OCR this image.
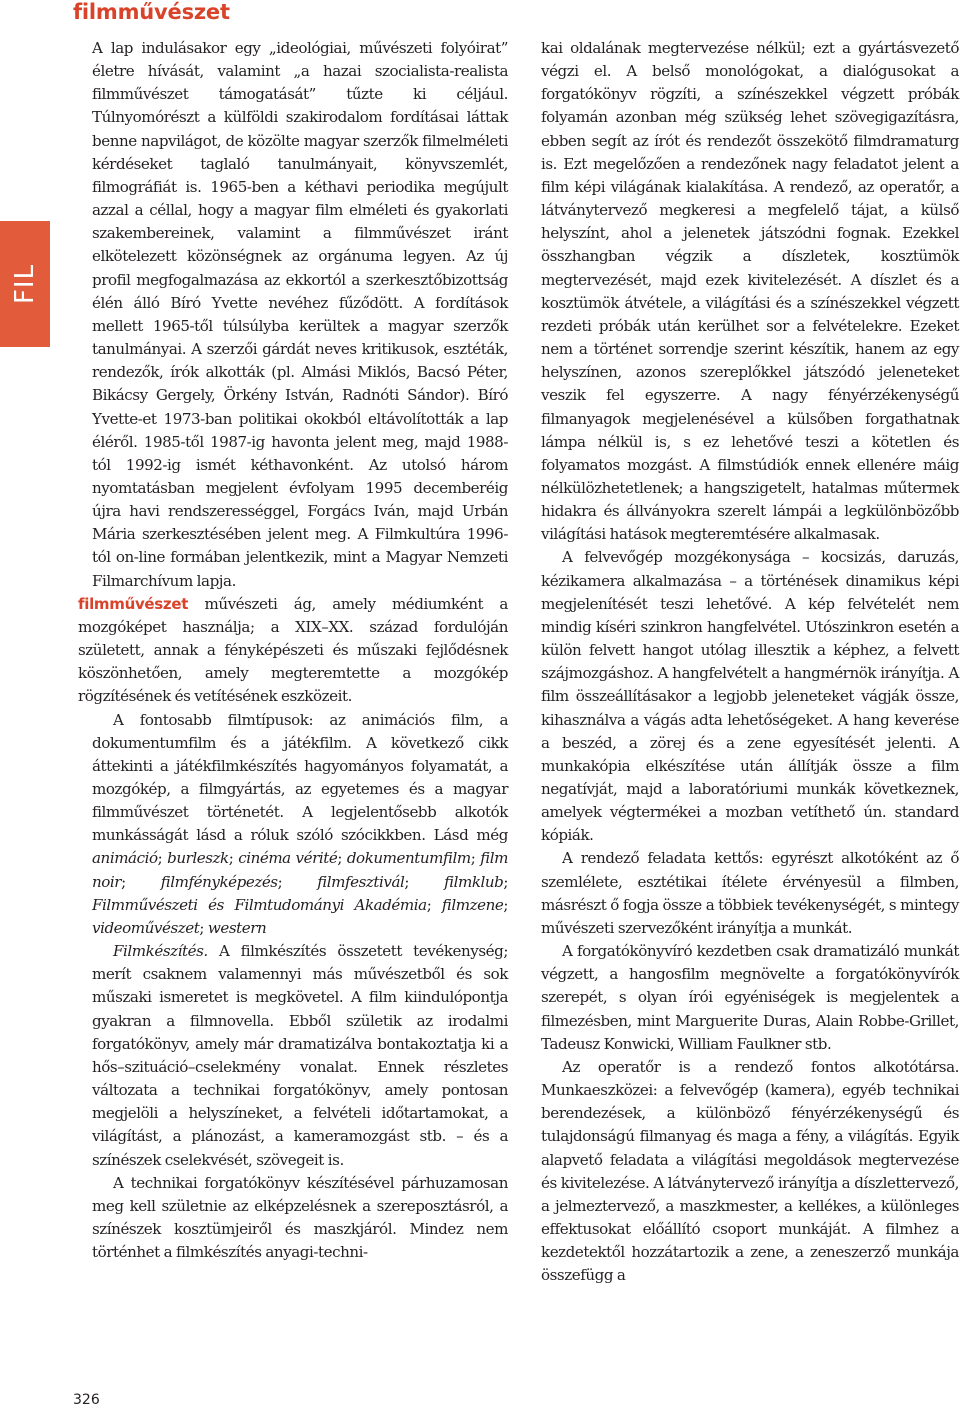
filmművészet
FIL

A lap indulásakor egy „ideológiai, művészeti folyóirat” életre hívását, valamint „a hazai szocialista-realista filmművészet támogatását” tűzte ki céljául. Túlnyomórészt a külföldi szakirodalom fordításai láttak benne napvilágot, de közölte magyar szerzők filmelméleti kérdéseket taglaló tanulmányait, könyvszemlét, filmográfiát is. 1965-ben a kéthavi periodika megújult azzal a céllal, hogy a magyar film elméleti és gyakorlati szakembereinek, valamint a filmművészet iránt elkötelezett közönségnek az orgánuma legyen. Az új profil megfogalmazása az ekkortól a szerkesztőbizottság élén álló Bíró Yvette nevéhez fűződött. A fordítások mellett 1965-től túlsúlyba kerültek a magyar szerzők tanulmányai. A szerzői gárdát neves kritikusok, esztéták, rendezők, írók alkották (pl. Almási Miklós, Bacsó Péter, Bikácsy Gergely, Örkény István, Radnóti Sándor). Bíró Yvette-et 1973-ban politikai okokból eltávolították a lap éléről. 1985-től 1987-ig havonta jelent meg, majd 1988-tól 1992-ig ismét kéthavonként. Az utolsó három nyomtatásban megjelent évfolyam 1995 decemberéig újra havi rendszerességgel, Forgács Iván, majd Urbán Mária szerkesztésében jelent meg. A Filmkultúra 1996-tól on-line formában jelentkezik, mint a Magyar Nemzeti Filmarchívum lapja.

filmművészet művészeti ág, amely médiumként a mozgóképet használja; a XIX–XX. század fordulóján született, annak a fényképészeti és műszaki fejlődésnek köszönhetően, amely megteremtette a mozgókép rögzítésének és vetítésének eszközeit.

A fontosabb filmtípusok: az animációs film, a dokumentumfilm és a játékfilm. A következő cikk áttekinti a játékfilmkészítés hagyományos folyamatát, a mozgókép, a filmgyártás, az egyetemes és a magyar filmművészet történetét. A legjelentősebb alkotók munkásságát lásd a róluk szóló szócikkben. Lásd még animáció; burleszk; cinéma vérité; dokumentumfilm; film noir; filmfényképezés; filmfesztivál; filmklub; Filmművészeti és Filmtudományi Akadémia; filmzene; videoművészet; western

Filmkészítés. A filmkészítés összetett tevékenység; merít csaknem valamennyi más művészetből és sok műszaki ismeretet is megkövetel. A film kiindulópontja gyakran a filmnovella. Ebből születik az irodalmi forgatókönyv, amely már dramatizálva bontakoztatja ki a hős–szituáció–cselekmény vonalat. Ennek részletes változata a technikai forgatókönyv, amely pontosan megjelöli a helyszíneket, a felvételi időtartamokat, a világítást, a plánozást, a kameramozgást stb. – és a színészek cselekvését, szövegeit is.

A technikai forgatókönyv készítésével párhuzamosan meg kell születnie az elképzelésnek a szereposztásról, a színészek kosztümjeiről és maszkjáról. Mindez nem történhet a filmkészítés anyagi-techni-

kai oldalának megtervezése nélkül; ezt a gyártásvezető végzi el. A belső monológokat, a dialógusokat a forgatókönyv rögzíti, a színészekkel végzett próbák folyamán azonban még szükség lehet szövegigazításra, ebben segít az írót és rendezőt összekötő filmdramaturg is. Ezt megelőzően a rendezőnek nagy feladatot jelent a film képi világának kialakítása. A rendező, az operatőr, a látványtervező megkeresi a megfelelő tájat, a külső helyszínt, ahol a jelenetek játszódni fognak. Ezekkel összhangban végzik a díszletek, kosztümök megtervezését, majd ezek kivitelezését. A díszlet és a kosztümök átvétele, a világítási és a színészekkel végzett rezdeti próbák után kerülhet sor a felvételekre. Ezeket nem a történet sorrendje szerint készítik, hanem az egy helyszínen, azonos szereplőkkel játszódó jeleneteket veszik fel egyszerre. A nagy fényérzékenységű filmanyagok megjelenésével a külsőben forgathatnak lámpa nélkül is, s ez lehetővé teszi a kötetlen és folyamatos mozgást. A filmstúdiók ennek ellenére máig nélkülözhetetlenek; a hangszigetelt, hatalmas műtermek hidakra és állványokra szerelt lámpái a legkülönbözőbb világítási hatások megteremtésére alkalmasak.

A felvevőgép mozgékonysága – kocsizás, daruzás, kézikamera alkalmazása – a történések dinamikus képi megjelenítését teszi lehetővé. A kép felvételét nem mindig kíséri szinkron hangfelvétel. Utószinkron esetén a külön felvett hangot utólag illesztik a képhez, a felvett szájmozgáshoz. A hangfelvételt a hangmérnök irányítja. A film összeállításakor a legjobb jeleneteket vágják össze, kihasználva a vágás adta lehetőségeket. A hang keverése a beszéd, a zörej és a zene egyesítését jelenti. A munkakópia elkészítése után állítják össze a film negatívját, majd a laboratóriumi munkák következnek, amelyek végtermékei a mozban vetíthető ún. standard kópiák.

A rendező feladata kettős: egyrészt alkotóként az ő szemlélete, esztétikai ítélete érvényesül a filmben, másrészt ő fogja össze a többiek tevékenységét, s mintegy művészeti szervezőként irányítja a munkát.

A forgatókönyvíró kezdetben csak dramatizáló munkát végzett, a hangosfilm megnövelte a forgatókönyvírók szerepét, s olyan írói egyéniségek is megjelentek a filmezésben, mint Marguerite Duras, Alain Robbe-Grillet, Tadeusz Konwicki, William Faulkner stb.

Az operatőr is a rendező fontos alkotótársa. Munkaeszközei: a felvevőgép (kamera), egyéb technikai berendezések, a különböző fényérzékenységű és tulajdonságú filmanyag és maga a fény, a világítás. Egyik alapvető feladata a világítási megoldások megtervezése és kivitelezése. A látványtervező irányítja a díszlettervező, a jelmeztervező, a maszkmester, a kellékes, a különleges effektusokat előállító csoport munkáját. A filmhez a kezdetektől hozzátartozik a zene, a zeneszerző munkája összefügg a

326
